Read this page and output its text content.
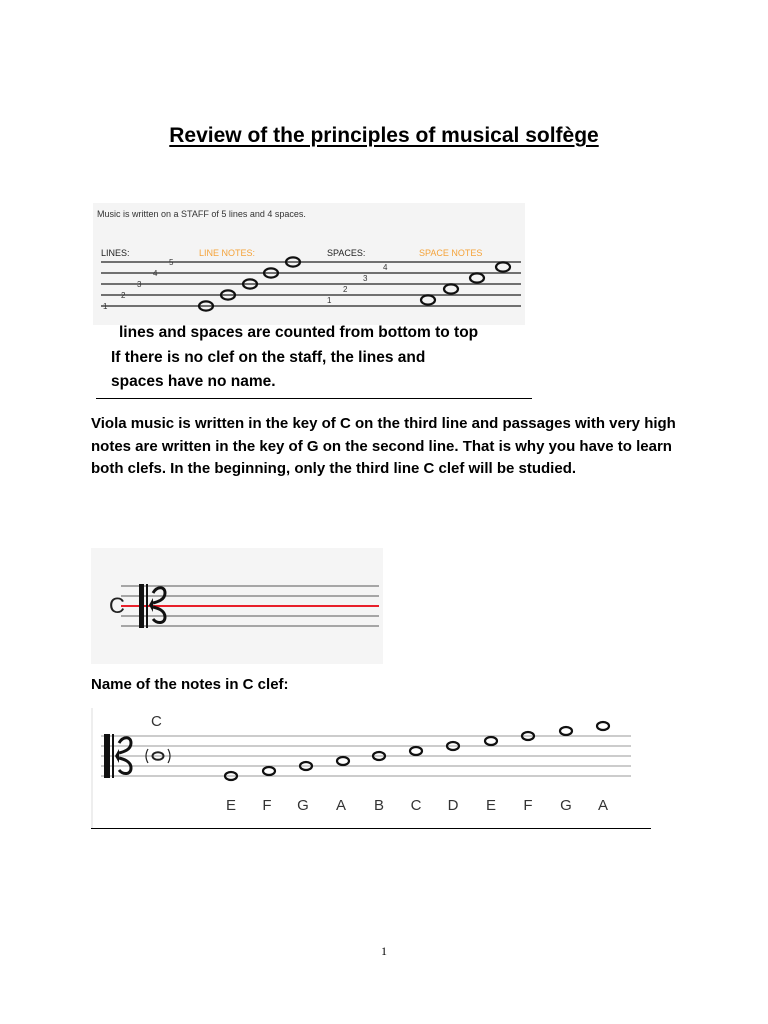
Review of the principles of musical solfège
Music is written on a STAFF of 5 lines and 4 spaces.
LINES:	LINE NOTES:	SPACES:	SPACE NOTES
1
2
3
4
5
1
2
3
4
lines and spaces are counted from bottom to top
If there is no clef on the staff, the lines and
spaces have no name.
Viola music is written in the key of C on the third line and passages with very high notes are written in the key of G on the second line. That is why you have to learn both clefs. In the beginning, only the third line C clef will be studied.
C
Name of the notes in C clef:
C
E F G A B C D E F G A
1
